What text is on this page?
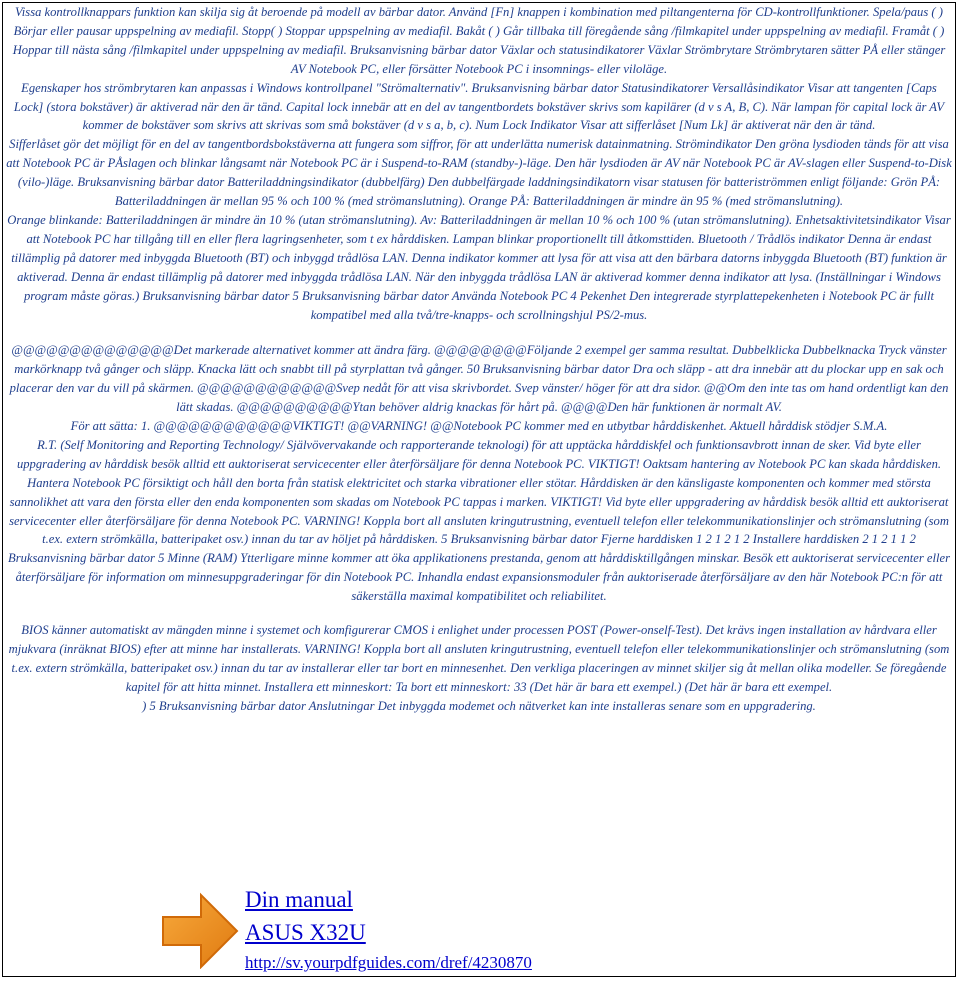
Vissa kontrollknappars funktion kan skilja sig åt beroende på modell av bärbar dator. Använd [Fn] knappen i kombination med piltangenterna för CD-kontrollfunktioner. Spela/paus ( ) Börjar eller pausar uppspelning av mediafil. Stopp( ) Stoppar uppspelning av mediafil. Bakåt ( ) Går tillbaka till föregående sång /filmkapitel under uppspelning av mediafil. Framåt ( ) Hoppar till nästa sång /filmkapitel under uppspelning av mediafil. Bruksanvisning bärbar dator Växlar och statusindikatorer Växlar Strömbrytare Strömbrytaren sätter PÅ eller stänger AV Notebook PC, eller försätter Notebook PC i insomnings- eller viloläge.

Egenskaper hos strömbrytaren kan anpassas i Windows kontrollpanel "Strömalternativ". Bruksanvisning bärbar dator Statusindikatorer Versallåsindikator Visar att tangenten [Caps Lock] (stora bokstäver) är aktiverad när den är tänd. Capital lock innebär att en del av tangentbordets bokstäver skrivs som kapilärer (d v s A, B, C). När lampan för capital lock är AV kommer de bokstäver som skrivs att skrivas som små bokstäver (d v s a, b, c). Num Lock Indikator Visar att sifferlåset [Num Lk] är aktiverat när den är tänd.

Sifferlåset gör det möjligt för en del av tangentbordsbokstäverna att fungera som siffror, för att underlätta numerisk datainmatning. Strömindikator Den gröna lysdioden tänds för att visa att Notebook PC är PÅslagen och blinkar långsamt när Notebook PC är i Suspend-to-RAM (standby-)-läge. Den här lysdioden är AV när Notebook PC är AV-slagen eller Suspend-to-Disk (vilo-)läge. Bruksanvisning bärbar dator Batteriladdningsindikator (dubbelfärg) Den dubbelfärgade laddningsindikatorn visar statusen för batteriströmmen enligt följande: Grön PÅ: Batteriladdningen är mellan 95 % och 100 % (med strömanslutning). Orange PÅ: Batteriladdningen är mindre än 95 % (med strömanslutning).

Orange blinkande: Batteriladdningen är mindre än 10 % (utan strömanslutning). Av: Batteriladdningen är mellan 10 % och 100 % (utan strömanslutning). Enhetsaktivitetsindikator Visar att Notebook PC har tillgång till en eller flera lagringsenheter, som t ex hårddisken. Lampan blinkar proportionellt till åtkomsttiden. Bluetooth / Trådlös indikator Denna är endast tillämplig på datorer med inbyggda Bluetooth (BT) och inbyggd trådlösa LAN. Denna indikator kommer att lysa för att visa att den bärbara datorns inbyggda Bluetooth (BT) funktion är aktiverad. Denna är endast tillämplig på datorer med inbyggda trådlösa LAN. När den inbyggda trådlösa LAN är aktiverad kommer denna indikator att lysa. (Inställningar i Windows program måste göras.) Bruksanvisning bärbar dator 5 Bruksanvisning bärbar dator Använda Notebook PC 4 Pekenhet Den integrerade styrplattepekenheten i Notebook PC är fullt kompatibel med alla två/tre-knapps- och scrollningshjul PS/2-mus.

@@@@@@@@@@@@@@Det markerade alternativet kommer att ändra färg. @@@@@@@@Följande 2 exempel ger samma resultat. Dubbelklicka Dubbelknacka Tryck vänster markörknapp två gånger och släpp. Knacka lätt och snabbt till på styrplattan två gånger. 50 Bruksanvisning bärbar dator Dra och släpp - att dra innebär att du plockar upp en sak och placerar den var du vill på skärmen. @@@@@@@@@@@@Svep nedåt för att visa skrivbordet. Svep vänster/ höger för att dra sidor. @@Om den inte tas om hand ordentligt kan den lätt skadas. @@@@@@@@@@Ytan behöver aldrig knackas för hårt på. @@@@Den här funktionen är normalt AV.

För att sätta: 1. @@@@@@@@@@@@VIKTIGT! @@VARNING! @@Notebook PC kommer med en utbytbar hårddiskenhet. Aktuell hårddisk stödjer S.M.A.

R.T. (Self Monitoring and Reporting Technology/ Självövervakande och rapporterande teknologi) för att upptäcka hårddiskfel och funktionsavbrott innan de sker. Vid byte eller uppgradering av hårddisk besök alltid ett auktoriserat servicecenter eller återförsäljare för denna Notebook PC. VIKTIGT! Oaktsam hantering av Notebook PC kan skada hårddisken.

Hantera Notebook PC försiktigt och håll den borta från statisk elektricitet och starka vibrationer eller stötar. Hårddisken är den känsligaste komponenten och kommer med största sannolikhet att vara den första eller den enda komponenten som skadas om Notebook PC tappas i marken. VIKTIGT! Vid byte eller uppgradering av hårddisk besök alltid ett auktoriserat servicecenter eller återförsäljare för denna Notebook PC. VARNING! Koppla bort all ansluten kringutrustning, eventuell telefon eller telekommunikationslinjer och strömanslutning (som t.ex. extern strömkälla, batteripaket osv.) innan du tar av höljet på hårddisken. 5 Bruksanvisning bärbar dator Fjerne harddisken 1 2 1 2 1 2 Installere harddisken 2 1 2 1 1 2 Bruksanvisning bärbar dator 5 Minne (RAM) Ytterligare minne kommer att öka applikationens prestanda, genom att hårddisktillgången minskar. Besök ett auktoriserat servicecenter eller återförsäljare för information om minnesuppgraderingar för din Notebook PC. Inhandla endast expansionsmoduler från auktoriserade återförsäljare av den här Notebook PC:n för att säkerställa maximal kompatibilitet och reliabilitet.

BIOS känner automatiskt av mängden minne i systemet och komfigurerar CMOS i enlighet under processen POST (Power-onself-Test). Det krävs ingen installation av hårdvara eller mjukvara (inräknat BIOS) efter att minne har installerats. VARNING! Koppla bort all ansluten kringutrustning, eventuell telefon eller telekommunikationslinjer och strömanslutning (som t.ex. extern strömkälla, batteripaket osv.) innan du tar av installerar eller tar bort en minnesenhet. Den verkliga placeringen av minnet skiljer sig åt mellan olika modeller. Se föregående kapitel för att hitta minnet. Installera ett minneskort: Ta bort ett minneskort: 33 (Det här är bara ett exempel.) (Det här är bara ett exempel.

) 5 Bruksanvisning bärbar dator Anslutningar Det inbyggda modemet och nätverket kan inte installeras senare som en uppgradering.

Din manual
ASUS X32U
http://sv.yourpdfguides.com/dref/4230870
